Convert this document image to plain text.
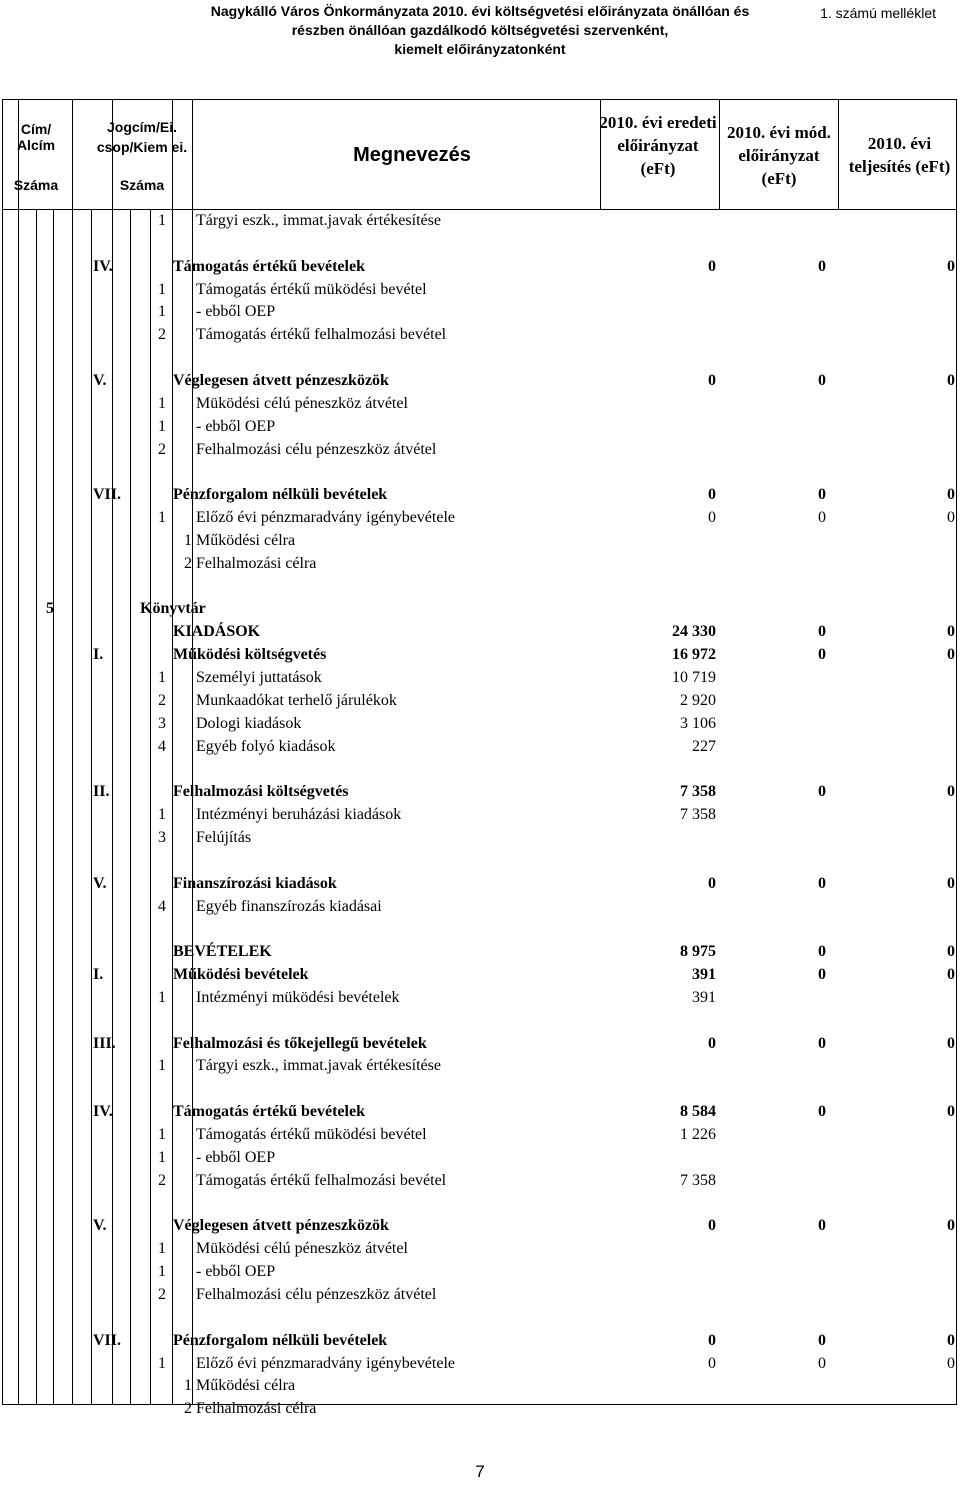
Nagykálló Város Önkormányzata 2010. évi költségvetési előirányzata önállóan és
részben önállóan gazdálkodó költségvetési szervenként,
kiemelt előirányzatonként
1. számú melléklet
Cím/ Alcím
Száma
Jogcím/Ei. csop/Kiem ei.
Száma
Megnevezés
2010. évi eredeti előirányzat (eFt)
2010. évi mód. előirányzat (eFt)
2010. évi teljesítés (eFt)
1	Tárgyi eszk., immat.javak értékesítése
IV.	Támogatás értékű bevételek	0	0	0
1	Támogatás értékű müködési bevétel
1	- ebből OEP
2	Támogatás értékű felhalmozási bevétel
V.	Véglegesen átvett pénzeszközök	0	0	0
1	Müködési célú péneszköz átvétel
1	- ebből OEP
2	Felhalmozási célu pénzeszköz átvétel
VII.	Pénzforgalom nélküli bevételek	0	0	0
1	Előző évi pénzmaradvány igénybevétele	0	0	0
1 Működési célra
2 Felhalmozási célra
5	Könyvtár
KIADÁSOK	24 330	0	0
I.	Működési költségvetés	16 972	0	0
1	Személyi juttatások	10 719
2	Munkaadókat terhelő járulékok	2 920
3	Dologi kiadások	3 106
4	Egyéb folyó kiadások	227
II.	Felhalmozási költségvetés	7 358	0	0
1	Intézményi beruházási kiadások	7 358
3	Felújítás
V.	Finanszírozási kiadások	0	0	0
4	Egyéb finanszírozás kiadásai
BEVÉTELEK	8 975	0	0
I.	Működési bevételek	391	0	0
1	Intézményi müködési bevételek	391
III.	Felhalmozási és tőkejellegű bevételek	0	0	0
1	Tárgyi eszk., immat.javak értékesítése
IV.	Támogatás értékű bevételek	8 584	0	0
1	Támogatás értékű müködési bevétel	1 226
1	- ebből OEP
2	Támogatás értékű felhalmozási bevétel	7 358
V.	Véglegesen átvett pénzeszközök	0	0	0
1	Müködési célú péneszköz átvétel
1	- ebből OEP
2	Felhalmozási célu pénzeszköz átvétel
VII.	Pénzforgalom nélküli bevételek	0	0	0
1	Előző évi pénzmaradvány igénybevétele	0	0	0
1 Működési célra
2 Felhalmozási célra
7
